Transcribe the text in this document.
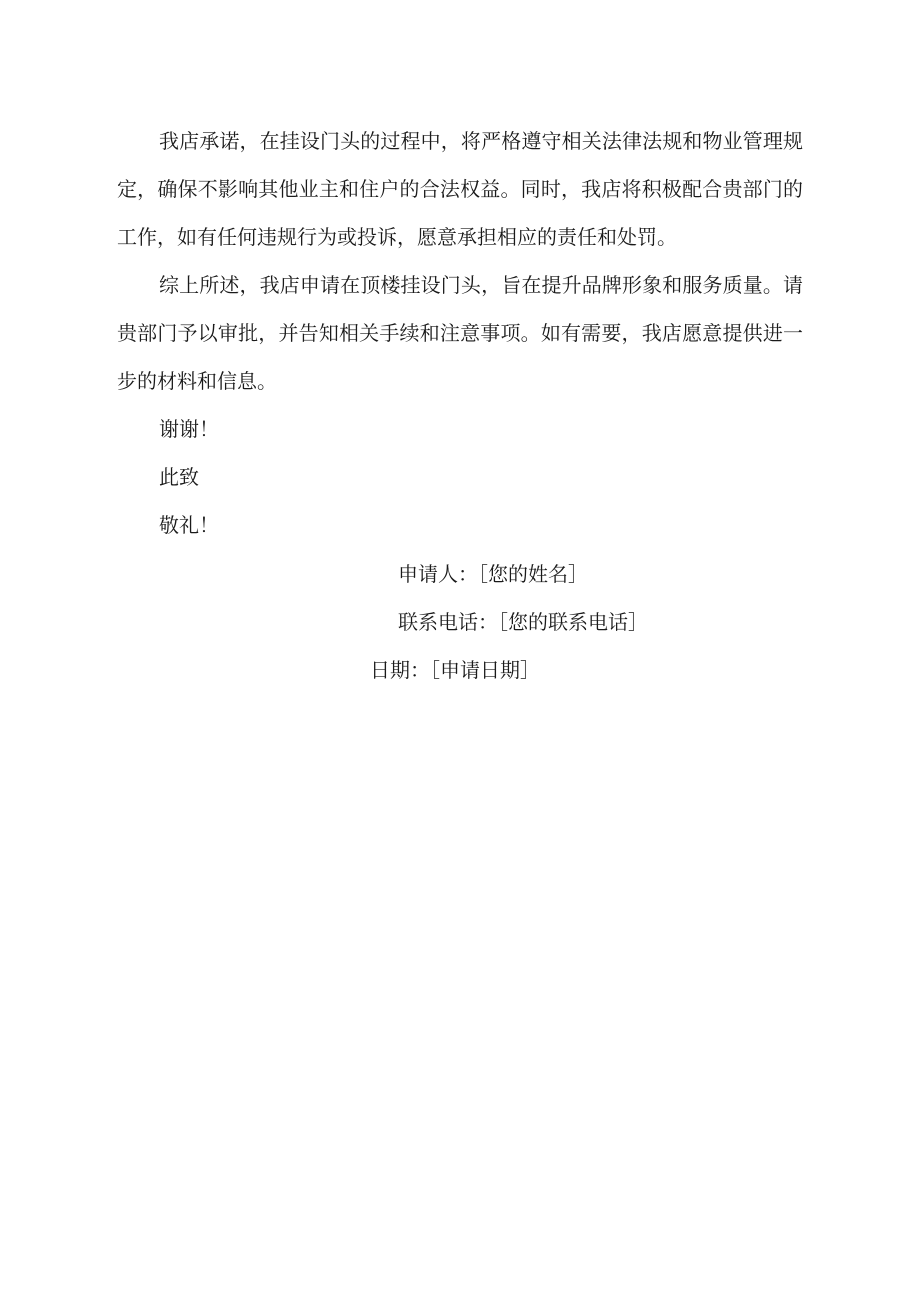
我店承诺，在挂设门头的过程中，将严格遵守相关法律法规和物业管理规定，确保不影响其他业主和住户的合法权益。同时，我店将积极配合贵部门的工作，如有任何违规行为或投诉，愿意承担相应的责任和处罚。

综上所述，我店申请在顶楼挂设门头，旨在提升品牌形象和服务质量。请贵部门予以审批，并告知相关手续和注意事项。如有需要，我店愿意提供进一步的材料和信息。

谢谢！

此致

敬礼！

申请人：［您的姓名］

联系电话：［您的联系电话］

日期：［申请日期］
